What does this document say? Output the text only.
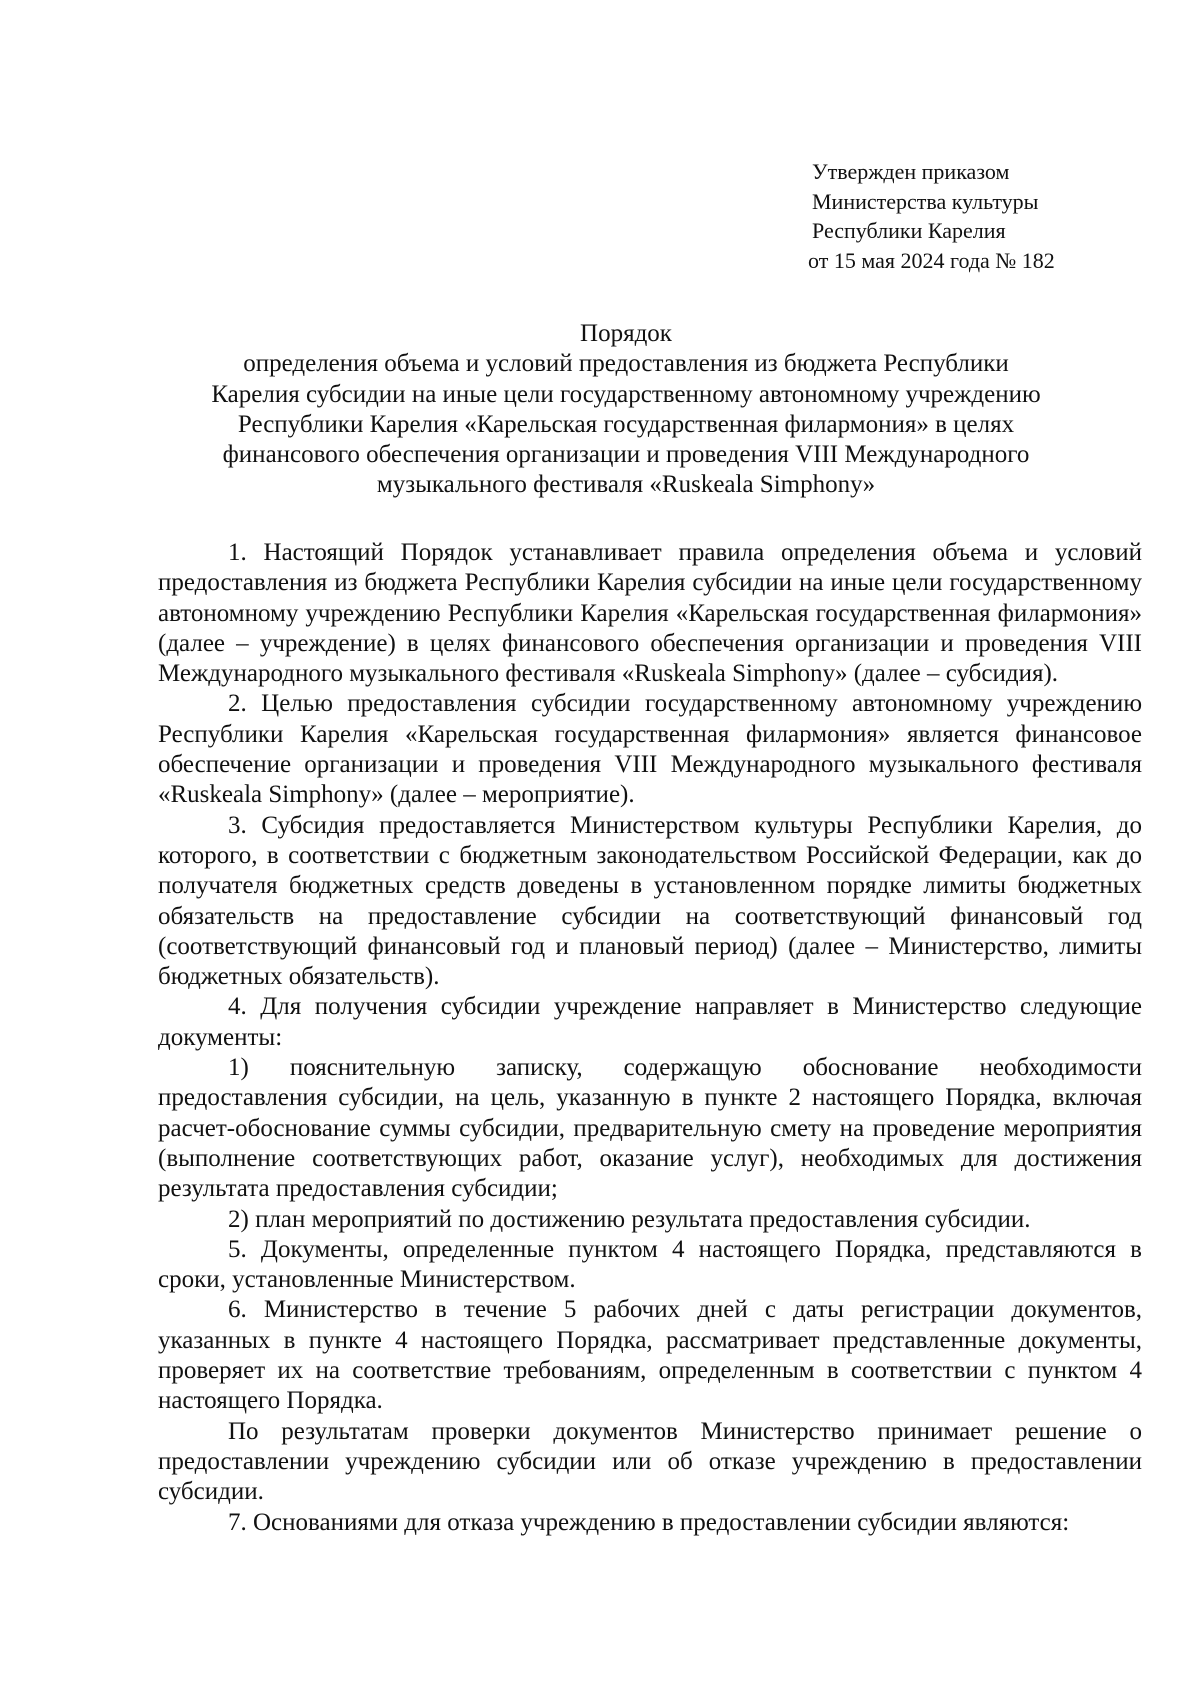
Утвержден приказом
Министерства культуры
Республики Карелия
от 15 мая 2024 года № 182
Порядок
определения объема и условий предоставления из бюджета Республики
Карелия субсидии на иные цели государственному автономному учреждению
Республики Карелия «Карельская государственная филармония» в целях
финансового обеспечения организации и проведения VIII Международного
музыкального фестиваля «Ruskeala Simphony»

1. Настоящий Порядок устанавливает правила определения объема и условий предоставления из бюджета Республики Карелия субсидии на иные цели государственному автономному учреждению Республики Карелия «Карельская государственная филармония» (далее – учреждение) в целях финансового обеспечения организации и проведения VIII Международного музыкального фестиваля «Ruskeala Simphony» (далее – субсидия).

2. Целью предоставления субсидии государственному автономному учреждению Республики Карелия «Карельская государственная филармония» является финансовое обеспечение организации и проведения VIII Международного музыкального фестиваля «Ruskeala Simphony» (далее – мероприятие).

3. Субсидия предоставляется Министерством культуры Республики Карелия, до которого, в соответствии с бюджетным законодательством Российской Федерации, как до получателя бюджетных средств доведены в установленном порядке лимиты бюджетных обязательств на предоставление субсидии на соответствующий финансовый год (соответствующий финансовый год и плановый период) (далее – Министерство, лимиты бюджетных обязательств).

4. Для получения субсидии учреждение направляет в Министерство следующие документы:

1) пояснительную записку, содержащую обоснование необходимости предоставления субсидии, на цель, указанную в пункте 2 настоящего Порядка, включая расчет-обоснование суммы субсидии, предварительную смету на проведение мероприятия (выполнение соответствующих работ, оказание услуг), необходимых для достижения результата предоставления субсидии;

2) план мероприятий по достижению результата предоставления субсидии.

5. Документы, определенные пунктом 4 настоящего Порядка, представляются в сроки, установленные Министерством.

6. Министерство в течение 5 рабочих дней с даты регистрации документов, указанных в пункте 4 настоящего Порядка, рассматривает представленные документы, проверяет их на соответствие требованиям, определенным в соответствии с пунктом 4 настоящего Порядка.

По результатам проверки документов Министерство принимает решение о предоставлении учреждению субсидии или об отказе учреждению в предоставлении субсидии.

7. Основаниями для отказа учреждению в предоставлении субсидии являются:
